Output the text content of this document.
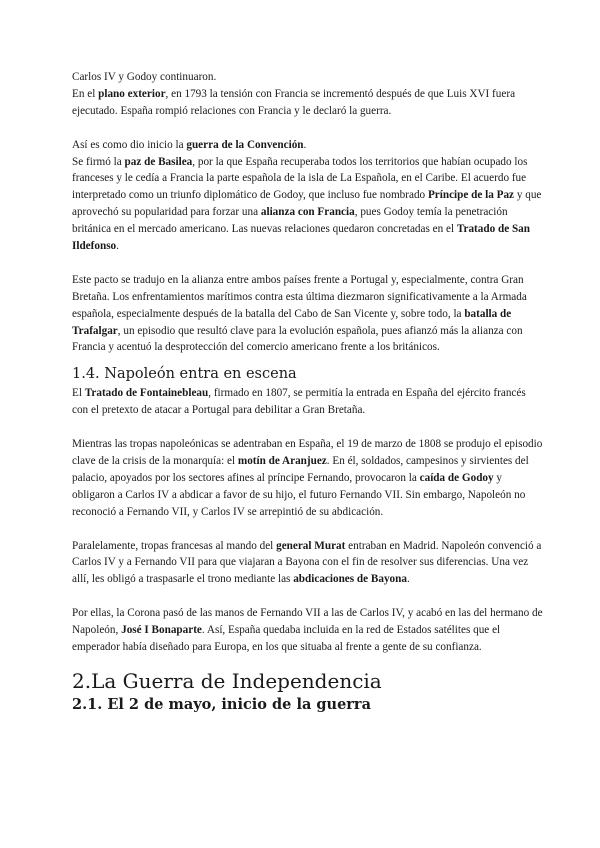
Carlos IV y Godoy continuaron.
En el plano exterior, en 1793 la tensión con Francia se incrementó después de que Luis XVI fuera ejecutado. España rompió relaciones con Francia y le declaró la guerra.

Así es como dio inicio la guerra de la Convención.
Se firmó la paz de Basilea, por la que España recuperaba todos los territorios que habían ocupado los franceses y le cedía a Francia la parte española de la isla de La Española, en el Caribe. El acuerdo fue interpretado como un triunfo diplomático de Godoy, que incluso fue nombrado Príncipe de la Paz y que aprovechó su popularidad para forzar una alianza con Francia, pues Godoy temía la penetración británica en el mercado americano. Las nuevas relaciones quedaron concretadas en el Tratado de San Ildefonso.

Este pacto se tradujo en la alianza entre ambos países frente a Portugal y, especialmente, contra Gran Bretaña. Los enfrentamientos marítimos contra esta última diezmaron significativamente a la Armada española, especialmente después de la batalla del Cabo de San Vicente y, sobre todo, la batalla de Trafalgar, un episodio que resultó clave para la evolución española, pues afianzó más la alianza con Francia y acentuó la desprotección del comercio americano frente a los británicos.

1.4. Napoleón entra en escena

El Tratado de Fontainebleau, firmado en 1807, se permitía la entrada en España del ejército francés con el pretexto de atacar a Portugal para debilitar a Gran Bretaña.

Mientras las tropas napoleónicas se adentraban en España, el 19 de marzo de 1808 se produjo el episodio clave de la crisis de la monarquía: el motín de Aranjuez. En él, soldados, campesinos y sirvientes del palacio, apoyados por los sectores afines al príncipe Fernando, provocaron la caída de Godoy y obligaron a Carlos IV a abdicar a favor de su hijo, el futuro Fernando VII. Sin embargo, Napoleón no reconoció a Fernando VII, y Carlos IV se arrepintió de su abdicación.

Paralelamente, tropas francesas al mando del general Murat entraban en Madrid. Napoleón convenció a Carlos IV y a Fernando VII para que viajaran a Bayona con el fin de resolver sus diferencias. Una vez allí, les obligó a traspasarle el trono mediante las abdicaciones de Bayona.

Por ellas, la Corona pasó de las manos de Fernando VII a las de Carlos IV, y acabó en las del hermano de Napoleón, José I Bonaparte. Así, España quedaba incluida en la red de Estados satélites que el emperador había diseñado para Europa, en los que situaba al frente a gente de su confianza.

2.La Guerra de Independencia
2.1. El 2 de mayo, inicio de la guerra
